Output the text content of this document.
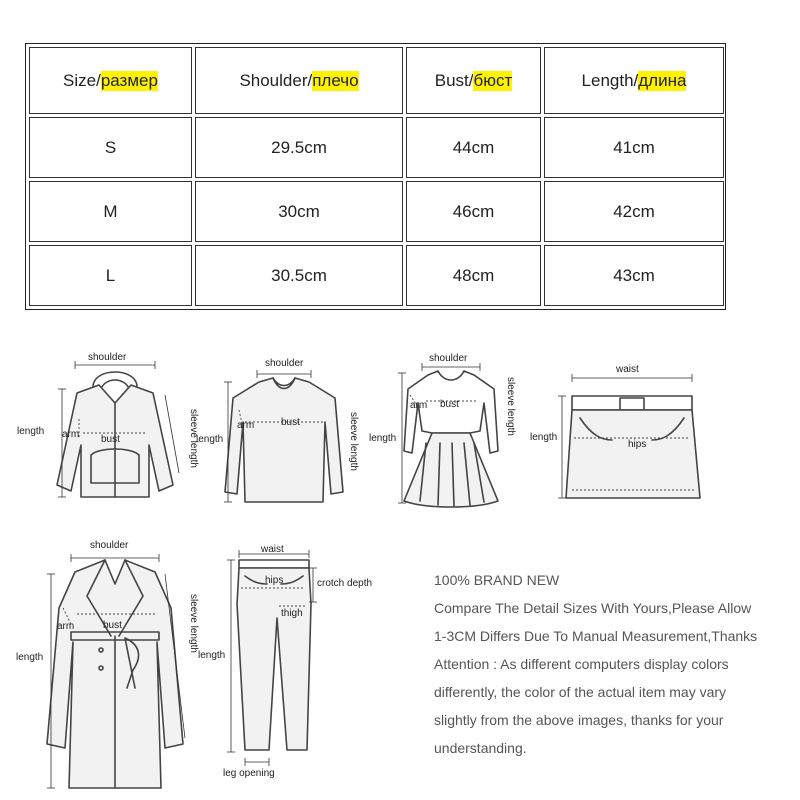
Size/ размер	Shoulder/ плечо	Bust/ бюст	Length/ длина
S	29.5cm	44cm	41cm
M	30cm	46cm	42cm
L	30.5cm	48cm	43cm
shoulder
length arm bust	sleeve length
shoulder
length
arm	bust	sleeve length
shoulder
length
arm bust	sleeve length
waist
length
hips
shoulder
length
arm	bust	sleeve length
waist
hips	crotch depth
thigh
length
leg opening
100% BRAND NEW
Compare The Detail Sizes With Yours,Please Allow
1-3CM Differs Due To Manual Measurement,Thanks
Attention : As different computers display colors
differently, the color of the actual item may vary
slightly from the above images, thanks for your
understanding.
